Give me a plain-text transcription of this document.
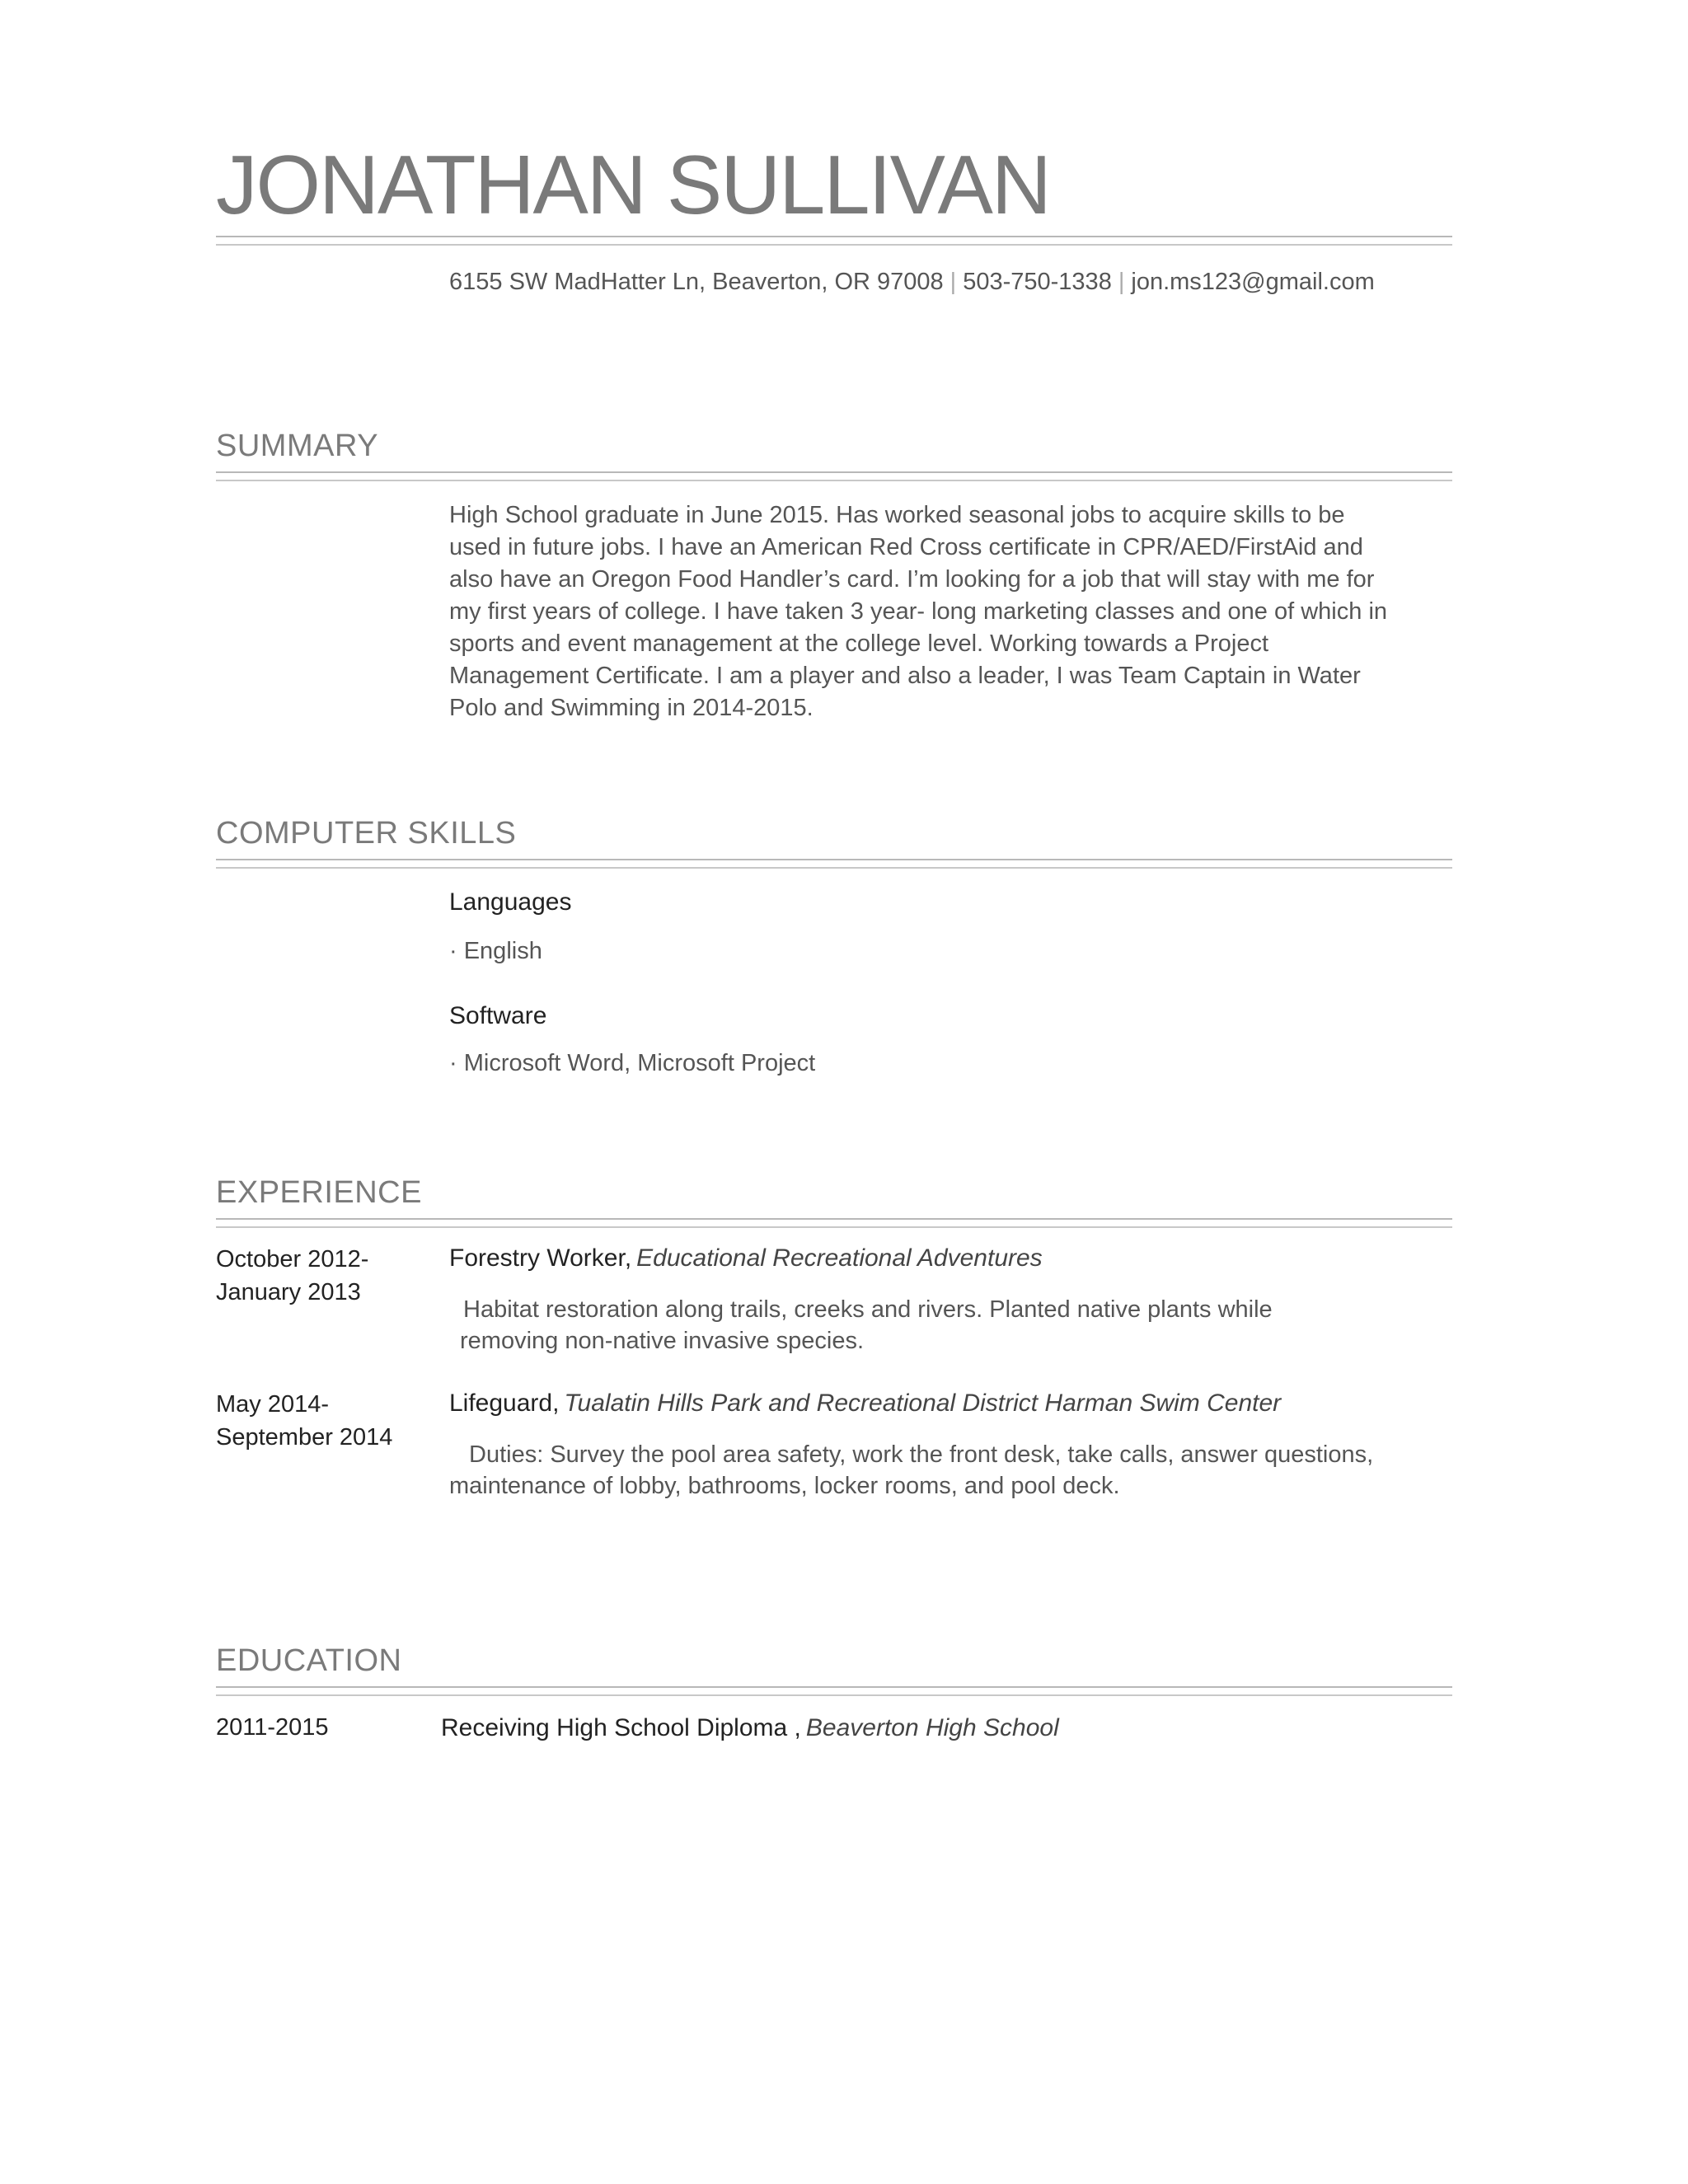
JONATHAN SULLIVAN
6155 SW MadHatter Ln, Beaverton, OR 97008 | 503-750-1338 | jon.ms123@gmail.com
SUMMARY
High School graduate in June 2015. Has worked seasonal jobs to acquire skills to be
used in future jobs. I have an American Red Cross certificate in CPR/AED/FirstAid and
also have an Oregon Food Handler’s card. I’m looking for a job that will stay with me for
my first years of college. I have taken 3 year- long marketing classes and one of which in
sports and event management at the college level. Working towards a Project
Management Certificate. I am a player and also a leader, I was Team Captain in Water
Polo and Swimming in 2014-2015.
COMPUTER SKILLS
Languages
· English
Software
· Microsoft Word, Microsoft Project
EXPERIENCE
October 2012-
January 2013
Forestry Worker, Educational Recreational Adventures
Habitat restoration along trails, creeks and rivers. Planted native plants while
removing non-native invasive species.
May 2014-
September 2014
Lifeguard, Tualatin Hills Park and Recreational District Harman Swim Center
Duties: Survey the pool area safety, work the front desk, take calls, answer questions,
maintenance of lobby, bathrooms, locker rooms, and pool deck.
EDUCATION
2011-2015	Receiving High School Diploma , Beaverton High School
